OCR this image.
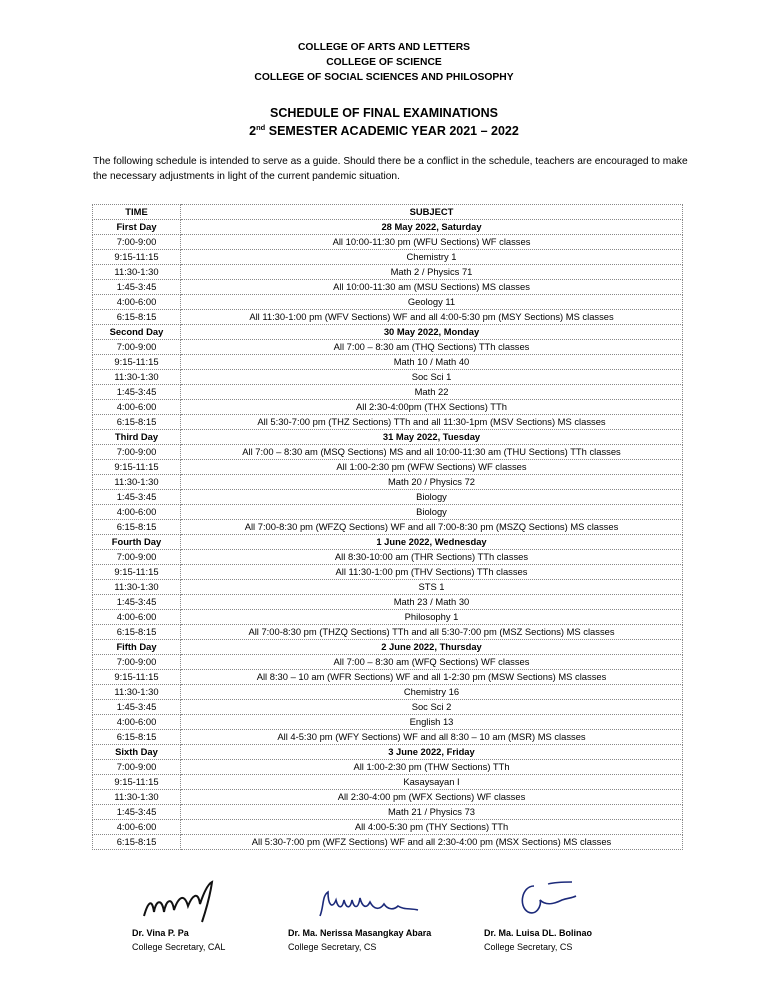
COLLEGE OF ARTS AND LETTERS
COLLEGE OF SCIENCE
COLLEGE OF SOCIAL SCIENCES AND PHILOSOPHY
SCHEDULE OF FINAL EXAMINATIONS
2nd SEMESTER ACADEMIC YEAR 2021 – 2022
The following schedule is intended to serve as a guide. Should there be a conflict in the schedule, teachers are encouraged to make the necessary adjustments in light of the current pandemic situation.
TIME	SUBJECT
First Day	28 May 2022, Saturday
7:00-9:00	All 10:00-11:30 pm (WFU Sections) WF classes
9:15-11:15	Chemistry 1
11:30-1:30	Math 2 / Physics 71
1:45-3:45	All 10:00-11:30 am (MSU Sections) MS classes
4:00-6:00	Geology 11
6:15-8:15	All 11:30-1:00 pm (WFV Sections) WF and all 4:00-5:30 pm (MSY Sections) MS classes
Second Day	30 May 2022, Monday
7:00-9:00	All 7:00 – 8:30 am (THQ Sections) TTh classes
9:15-11:15	Math 10 / Math 40
11:30-1:30	Soc Sci 1
1:45-3:45	Math 22
4:00-6:00	All 2:30-4:00pm (THX Sections) TTh
6:15-8:15	All 5:30-7:00 pm (THZ Sections) TTh and all 11:30-1pm (MSV Sections) MS classes
Third Day	31 May 2022, Tuesday
7:00-9:00	All 7:00 – 8:30 am (MSQ Sections) MS and all 10:00-11:30 am (THU Sections) TTh classes
9:15-11:15	All 1:00-2:30 pm (WFW Sections) WF classes
11:30-1:30	Math 20 / Physics 72
1:45-3:45	Biology
4:00-6:00	Biology
6:15-8:15	All 7:00-8:30 pm (WFZQ Sections) WF and all 7:00-8:30 pm (MSZQ Sections) MS classes
Fourth Day	1 June 2022, Wednesday
7:00-9:00	All 8:30-10:00 am (THR Sections) TTh classes
9:15-11:15	All 11:30-1:00 pm (THV Sections) TTh classes
11:30-1:30	STS 1
1:45-3:45	Math 23 / Math 30
4:00-6:00	Philosophy 1
6:15-8:15	All 7:00-8:30 pm (THZQ Sections) TTh and all 5:30-7:00 pm (MSZ Sections) MS classes
Fifth Day	2 June 2022, Thursday
7:00-9:00	All 7:00 – 8:30 am (WFQ Sections) WF classes
9:15-11:15	All 8:30 – 10 am (WFR Sections) WF and all 1-2:30 pm (MSW Sections) MS classes
11:30-1:30	Chemistry 16
1:45-3:45	Soc Sci 2
4:00-6:00	English 13
6:15-8:15	All 4-5:30 pm (WFY Sections) WF and all 8:30 – 10 am (MSR) MS classes
Sixth Day	3 June 2022, Friday
7:00-9:00	All 1:00-2:30 pm (THW Sections) TTh
9:15-11:15	Kasaysayan I
11:30-1:30	All 2:30-4:00 pm (WFX Sections) WF classes
1:45-3:45	Math 21 / Physics 73
4:00-6:00	All 4:00-5:30 pm (THY Sections) TTh
6:15-8:15	All 5:30-7:00 pm (WFZ Sections) WF and all 2:30-4:00 pm (MSX Sections) MS classes
Dr. Vina P. Pa
College Secretary, CAL
Dr. Ma. Nerissa Masangkay Abara
College Secretary, CS
Dr. Ma. Luisa DL. Bolinao
College Secretary, CS
